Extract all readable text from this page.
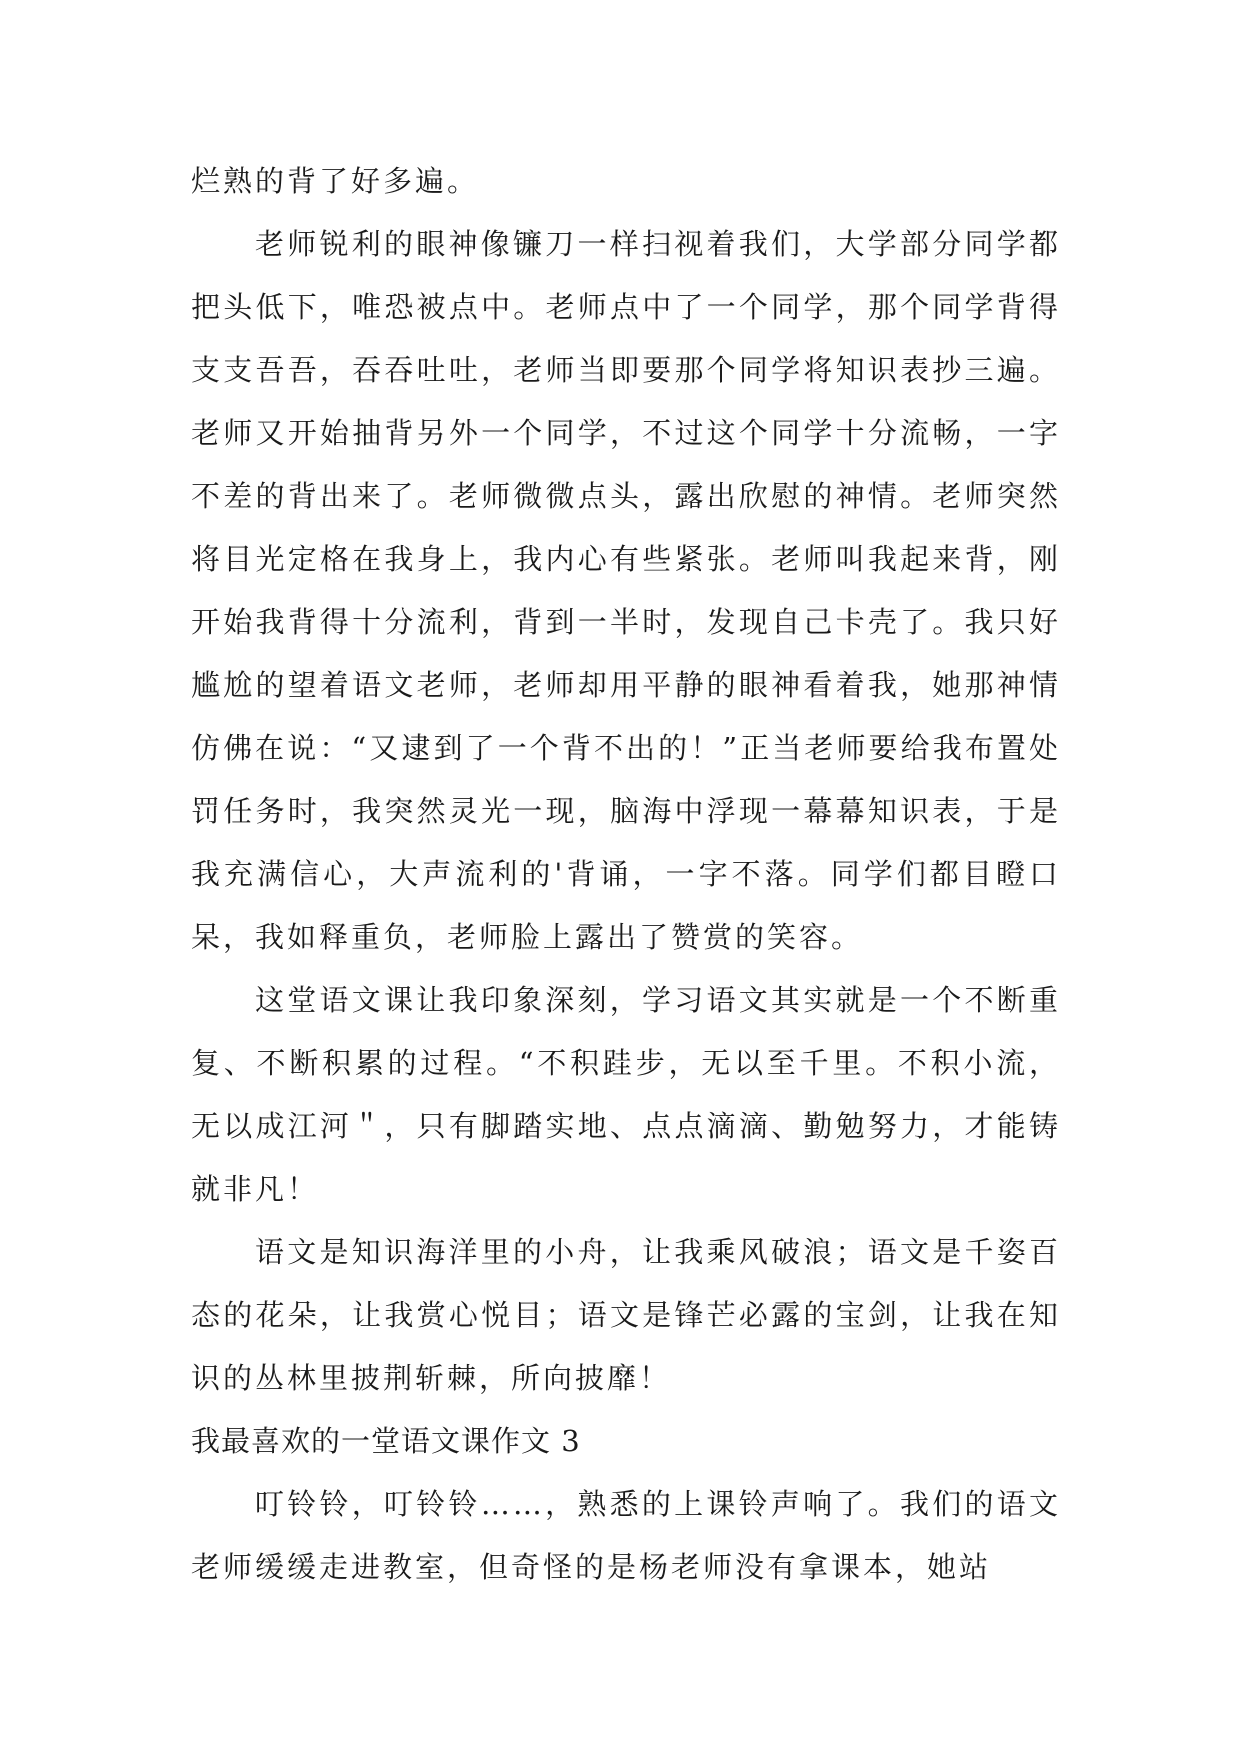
烂熟的背了好多遍。

老师锐利的眼神像镰刀一样扫视着我们，大学部分同学都把头低下，唯恐被点中。老师点中了一个同学，那个同学背得支支吾吾，吞吞吐吐，老师当即要那个同学将知识表抄三遍。老师又开始抽背另外一个同学，不过这个同学十分流畅，一字不差的背出来了。老师微微点头，露出欣慰的神情。老师突然将目光定格在我身上，我内心有些紧张。老师叫我起来背，刚开始我背得十分流利，背到一半时，发现自己卡壳了。我只好尴尬的望着语文老师，老师却用平静的眼神看着我，她那神情仿佛在说：“又逮到了一个背不出的！”正当老师要给我布置处罚任务时，我突然灵光一现，脑海中浮现一幕幕知识表，于是我充满信心，大声流利的'背诵，一字不落。同学们都目瞪口呆，我如释重负，老师脸上露出了赞赏的笑容。

这堂语文课让我印象深刻，学习语文其实就是一个不断重复、不断积累的过程。“不积跬步，无以至千里。不积小流，无以成江河＂，只有脚踏实地、点点滴滴、勤勉努力，才能铸就非凡！

语文是知识海洋里的小舟，让我乘风破浪；语文是千姿百态的花朵，让我赏心悦目；语文是锋芒必露的宝剑，让我在知识的丛林里披荆斩棘，所向披靡！

我最喜欢的一堂语文课作文 3

叮铃铃，叮铃铃……，熟悉的上课铃声响了。我们的语文老师缓缓走进教室，但奇怪的是杨老师没有拿课本，她站
